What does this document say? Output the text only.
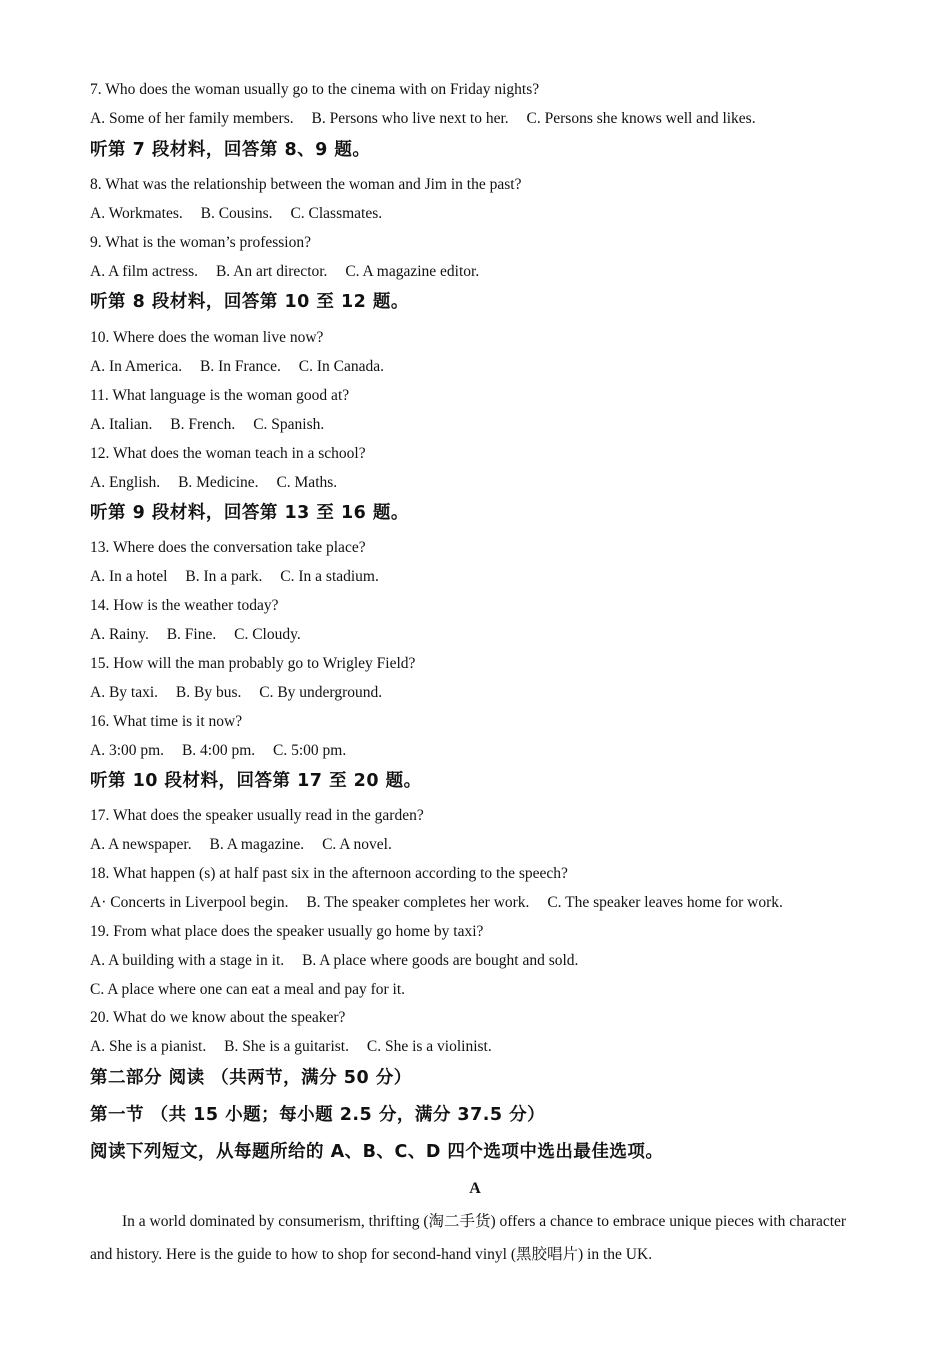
7. Who does the woman usually go to the cinema with on Friday nights?
A. Some of her family members. B. Persons who live next to her. C. Persons she knows well and likes.
听第 7 段材料，回答第 8、9 题。
8. What was the relationship between the woman and Jim in the past?
A. Workmates. B. Cousins. C. Classmates.
9. What is the woman’s profession?
A. A film actress. B. An art director. C. A magazine editor.
听第 8 段材料，回答第 10 至 12 题。
10. Where does the woman live now?
A. In America. B. In France. C. In Canada.
11. What language is the woman good at?
A. Italian. B. French. C. Spanish.
12. What does the woman teach in a school?
A. English. B. Medicine. C. Maths.
听第 9 段材料，回答第 13 至 16 题。
13. Where does the conversation take place?
A. In a hotel B. In a park. C. In a stadium.
14. How is the weather today?
A. Rainy. B. Fine. C. Cloudy.
15. How will the man probably go to Wrigley Field?
A. By taxi. B. By bus. C. By underground.
16. What time is it now?
A. 3:00 pm. B. 4:00 pm. C. 5:00 pm.
听第 10 段材料，回答第 17 至 20 题。
17. What does the speaker usually read in the garden?
A. A newspaper. B. A magazine. C. A novel.
18. What happen (s) at half past six in the afternoon according to the speech?
A· Concerts in Liverpool begin. B. The speaker completes her work. C. The speaker leaves home for work.
19. From what place does the speaker usually go home by taxi?
A. A building with a stage in it. B. A place where goods are bought and sold.
C. A place where one can eat a meal and pay for it.
20. What do we know about the speaker?
A. She is a pianist. B. She is a guitarist. C. She is a violinist.
第二部分 阅读 （共两节，满分 50 分）
第一节 （共 15 小题；每小题 2.5 分，满分 37.5 分）
阅读下列短文，从每题所给的 A、B、C、D 四个选项中选出最佳选项。
A
In a world dominated by consumerism, thrifting (淘二手货) offers a chance to embrace unique pieces with character and history. Here is the guide to how to shop for second-hand vinyl (黑胶唱片) in the UK.
